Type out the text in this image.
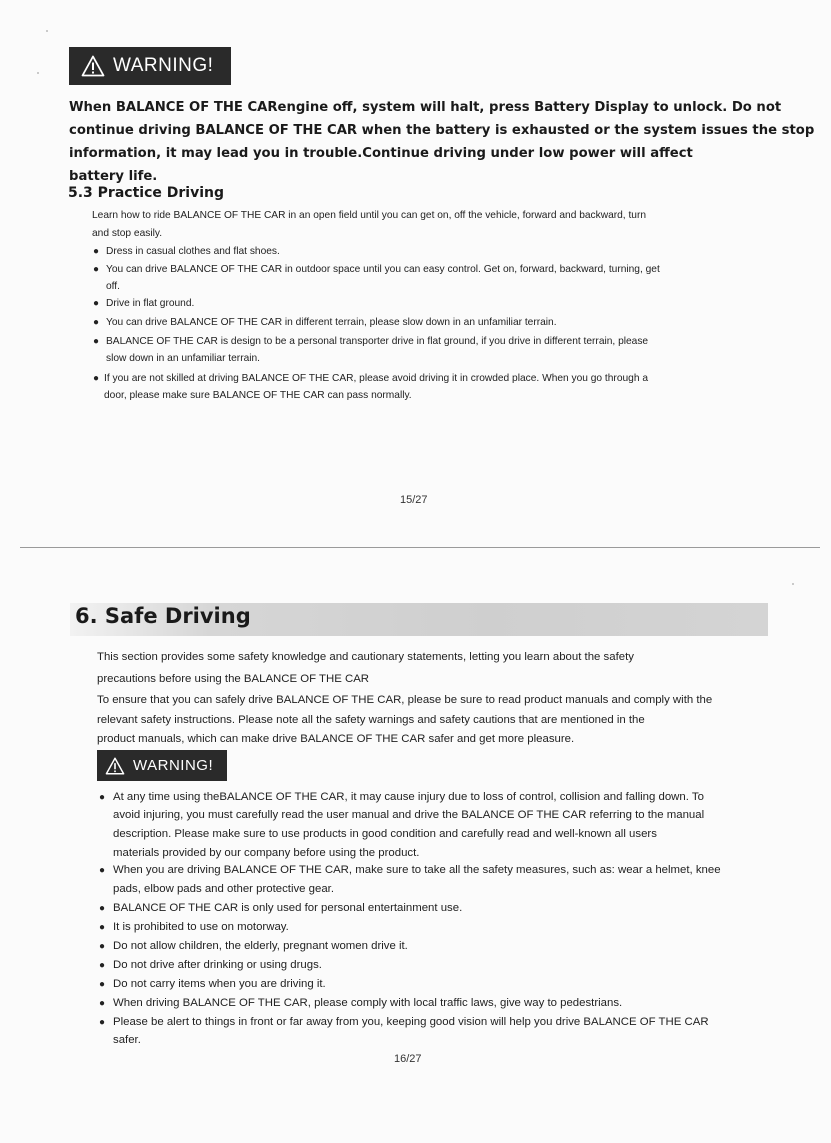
WARNING!

When BALANCE OF THE CARengine off, system will halt, press Battery Display to unlock. Do not

continue driving BALANCE OF THE CAR when the battery is exhausted or the system issues the stop

information, it may lead you in trouble.Continue driving under low power will affect

battery life.

5.3 Practice Driving
Learn how to ride BALANCE OF THE CAR in an open field until you can get on, off the vehicle, forward and backward, turn
and stop easily.
● Dress in casual clothes and flat shoes.
● You can drive BALANCE OF THE CAR in outdoor space until you can easy control. Get on, forward, backward, turning, get
off.
● Drive in flat ground.
● You can drive BALANCE OF THE CAR in different terrain, please slow down in an unfamiliar terrain.
● BALANCE OF THE CAR is design to be a personal transporter drive in flat ground, if you drive in different terrain, please
slow down in an unfamiliar terrain.
● If you are not skilled at driving BALANCE OF THE CAR, please avoid driving it in crowded place. When you go through a
door, please make sure BALANCE OF THE CAR can pass normally.
15/27
6. Safe Driving
This section provides some safety knowledge and cautionary statements, letting you learn about the safety
precautions before using the BALANCE OF THE CAR
To ensure that you can safely drive BALANCE OF THE CAR, please be sure to read product manuals and comply with the
relevant safety instructions. Please note all the safety warnings and safety cautions that are mentioned in the
product manuals, which can make drive BALANCE OF THE CAR safer and get more pleasure.
WARNING!
● At any time using theBALANCE OF THE CAR, it may cause injury due to loss of control, collision and falling down. To
avoid injuring, you must carefully read the user manual and drive the BALANCE OF THE CAR referring to the manual
description. Please make sure to use products in good condition and carefully read and well-known all users
materials provided by our company before using the product.
● When you are driving BALANCE OF THE CAR, make sure to take all the safety measures, such as: wear a helmet, knee
pads, elbow pads and other protective gear.
● BALANCE OF THE CAR is only used for personal entertainment use.
● It is prohibited to use on motorway.
● Do not allow children, the elderly, pregnant women drive it.
● Do not drive after drinking or using drugs.
● Do not carry items when you are driving it.
● When driving BALANCE OF THE CAR, please comply with local traffic laws, give way to pedestrians.
● Please be alert to things in front or far away from you, keeping good vision will help you drive BALANCE OF THE CAR
safer.
16/27
